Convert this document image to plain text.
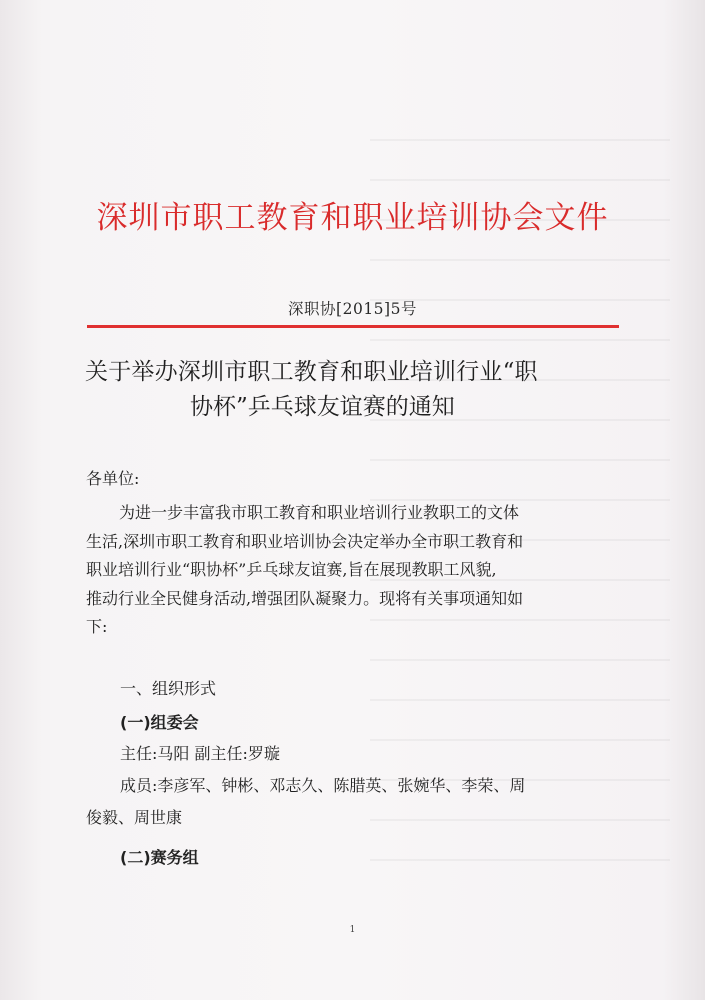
深圳市职工教育和职业培训协会文件
深职协[2015]5号
关于举办深圳市职工教育和职业培训行业“职
协杯”乒乓球友谊赛的通知
各单位:
为进一步丰富我市职工教育和职业培训行业教职工的文体
生活,深圳市职工教育和职业培训协会决定举办全市职工教育和
职业培训行业“职协杯”乒乓球友谊赛,旨在展现教职工风貌,
推动行业全民健身活动,增强团队凝聚力。现将有关事项通知如
下:
一、组织形式
(一)组委会
主任:马阳 副主任:罗璇
成员:李彦军、钟彬、邓志久、陈腊英、张婉华、李荣、周
俊毅、周世康
(二)赛务组
1
